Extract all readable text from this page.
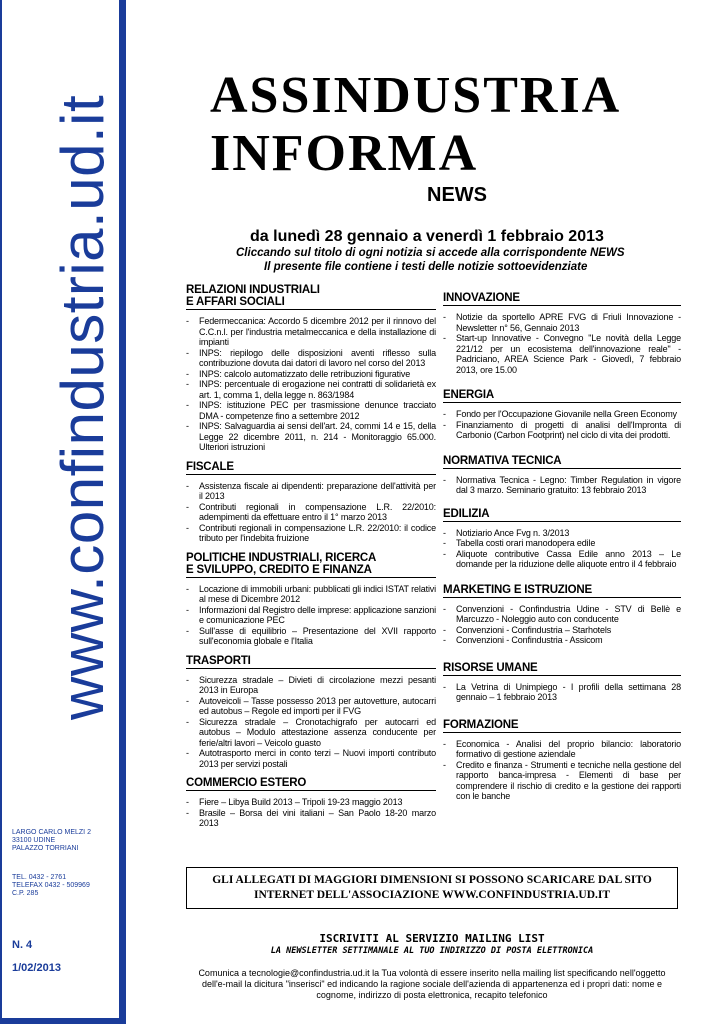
www.confindustria.ud.it
LARGO CARLO MELZI 2
33100 UDINE
PALAZZO TORRIANI
TEL. 0432 - 2761
TELEFAX 0432 - 509969
C.P. 285
N. 4
1/02/2013
ASSINDUSTRIA
INFORMA
NEWS
da lunedì 28 gennaio a venerdì 1 febbraio 2013
Cliccando sul titolo di ogni notizia si accede alla corrispondente NEWS
Il presente file contiene i testi delle notizie sottoevidenziate
RELAZIONI INDUSTRIALI
E AFFARI SOCIALI
- Federmeccanica: Accordo 5 dicembre 2012 per il rinnovo del C.C.n.l. per l'industria metalmeccanica e della installazione di impianti
- INPS: riepilogo delle disposizioni aventi riflesso sulla contribuzione dovuta dai datori di lavoro nel corso del 2013
- INPS: calcolo automatizzato delle retribuzioni figurative
- INPS: percentuale di erogazione nei contratti di solidarietà ex art. 1, comma 1, della legge n. 863/1984
- INPS: istituzione PEC per trasmissione denunce tracciato DMA - competenze fino a settembre 2012
- INPS: Salvaguardia ai sensi dell'art. 24, commi 14 e 15, della Legge 22 dicembre 2011, n. 214 - Monitoraggio 65.000. Ulteriori istruzioni
FISCALE
- Assistenza fiscale ai dipendenti: preparazione dell'attività per il 2013
- Contributi regionali in compensazione L.R. 22/2010: adempimenti da effettuare entro il 1° marzo 2013
- Contributi regionali in compensazione L.R. 22/2010: il codice tributo per l'indebita fruizione
POLITICHE INDUSTRIALI, RICERCA
E SVILUPPO, CREDITO E FINANZA
- Locazione di immobili urbani: pubblicati gli indici ISTAT relativi al mese di Dicembre 2012
- Informazioni dal Registro delle imprese: applicazione sanzioni e comunicazione PEC
- Sull'asse di equilibrio – Presentazione del XVII rapporto sull'economia globale e l'Italia
TRASPORTI
- Sicurezza stradale – Divieti di circolazione mezzi pesanti 2013 in Europa
- Autoveicoli – Tasse possesso 2013 per autovetture, autocarri ed autobus – Regole ed importi per il FVG
- Sicurezza stradale – Cronotachigrafo per autocarri ed autobus – Modulo attestazione assenza conducente per ferie/altri lavori – Veicolo guasto
- Autotrasporto merci in conto terzi – Nuovi importi contributo 2013 per servizi postali
COMMERCIO ESTERO
- Fiere – Libya Build 2013 – Tripoli 19-23 maggio 2013
- Brasile – Borsa dei vini italiani – San Paolo 18-20 marzo 2013
INNOVAZIONE
- Notizie da sportello APRE FVG di Friuli Innovazione - Newsletter n° 56, Gennaio 2013
- Start-up Innovative - Convegno "Le novità della Legge 221/12 per un ecosistema dell'innovazione reale" - Padriciano, AREA Science Park - Giovedì, 7 febbraio 2013, ore 15.00
ENERGIA
- Fondo per l'Occupazione Giovanile nella Green Economy
- Finanziamento di progetti di analisi dell'Impronta di Carbonio (Carbon Footprint) nel ciclo di vita dei prodotti.
NORMATIVA TECNICA
- Normativa Tecnica - Legno: Timber Regulation in vigore dal 3 marzo. Seminario gratuito: 13 febbraio 2013
EDILIZIA
- Notiziario Ance Fvg n. 3/2013
- Tabella costi orari manodopera edile
- Aliquote contributive Cassa Edile anno 2013 – Le domande per la riduzione delle aliquote entro il 4 febbraio
MARKETING E ISTRUZIONE
- Convenzioni - Confindustria Udine - STV di Bellè e Marcuzzo - Noleggio auto con conducente
- Convenzioni - Confindustria – Starhotels
- Convenzioni - Confindustria - Assicom
RISORSE UMANE
- La Vetrina di Unimpiego - I profili della settimana 28 gennaio – 1 febbraio 2013
FORMAZIONE
- Economica - Analisi del proprio bilancio: laboratorio formativo di gestione aziendale
- Credito e finanza - Strumenti e tecniche nella gestione del rapporto banca-impresa - Elementi di base per comprendere il rischio di credito e la gestione dei rapporti con le banche
GLI ALLEGATI DI MAGGIORI DIMENSIONI SI POSSONO SCARICARE DAL SITO
INTERNET DELL'ASSOCIAZIONE WWW.CONFINDUSTRIA.UD.IT
ISCRIVITI AL SERVIZIO MAILING LIST
LA NEWSLETTER SETTIMANALE AL TUO INDIRIZZO DI POSTA ELETTRONICA
Comunica a tecnologie@confindustria.ud.it la Tua volontà di essere inserito nella mailing list specificando nell'oggetto dell'e-mail la dicitura "inserisci" ed indicando la ragione sociale dell'azienda di appartenenza ed i propri dati: nome e cognome, indirizzo di posta elettronica, recapito telefonico
